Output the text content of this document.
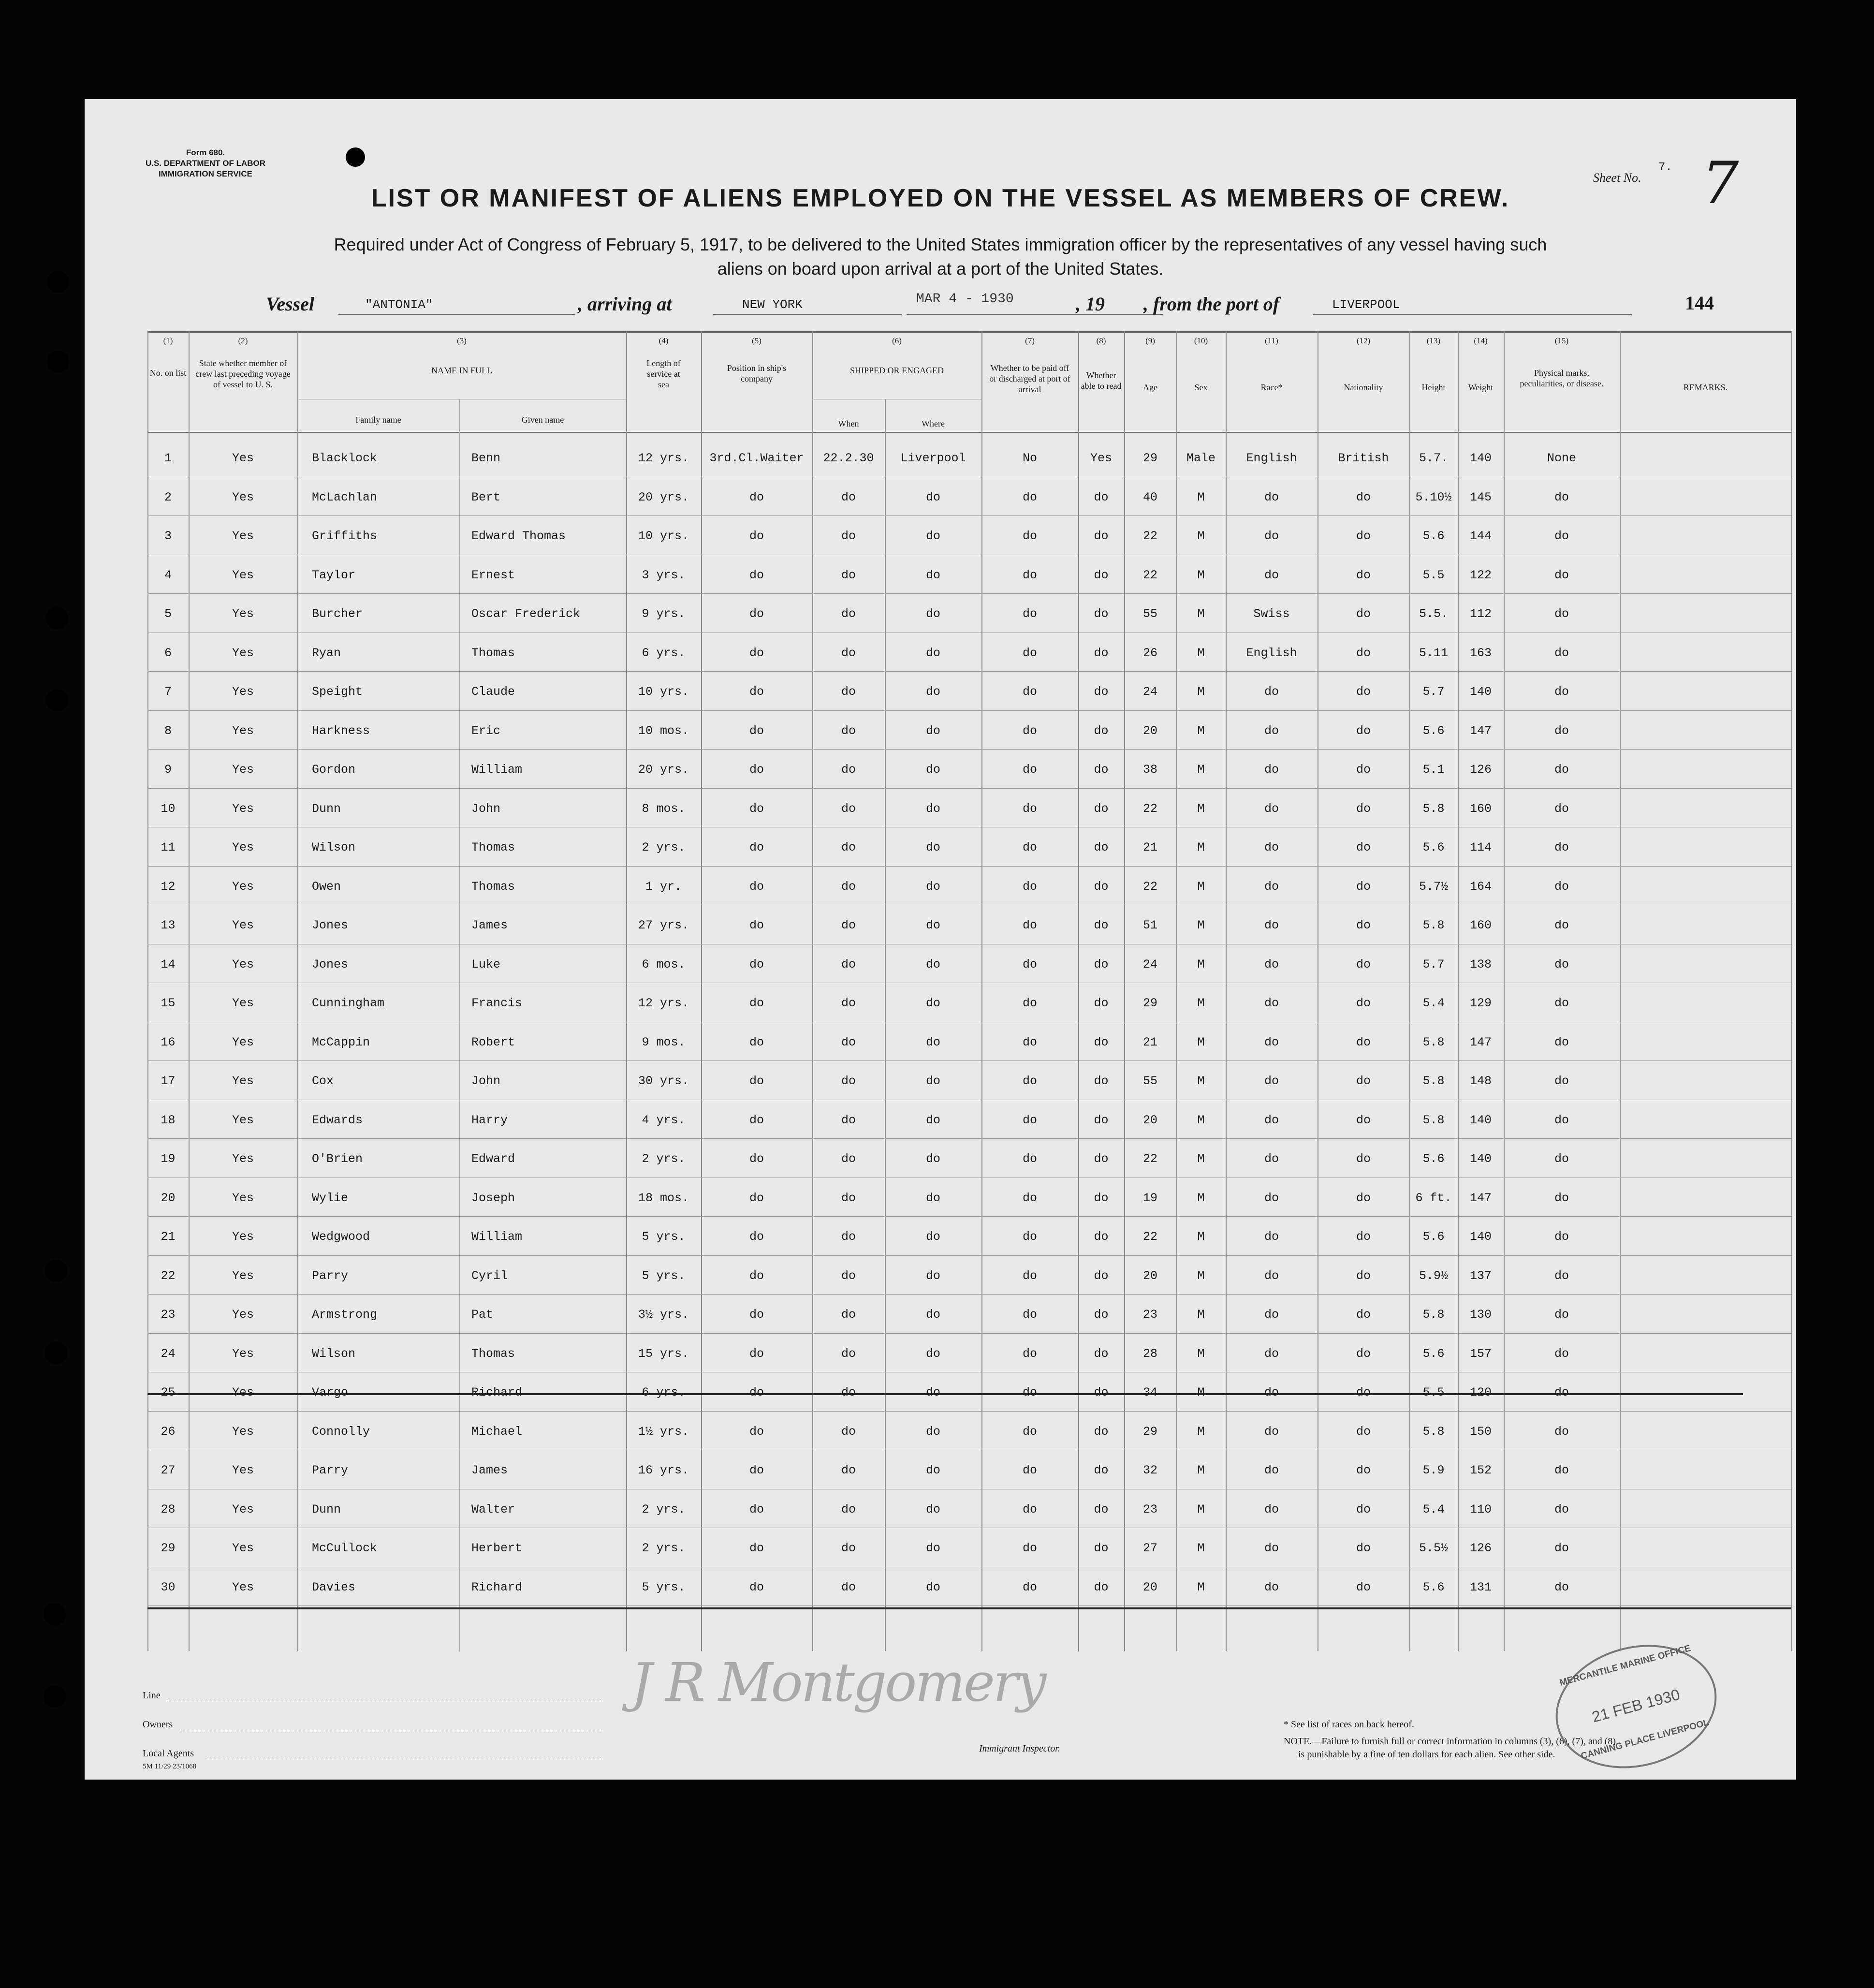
Form 680.
U.S. DEPARTMENT OF LABOR
IMMIGRATION SERVICE	Sheet No.
7. 7
LIST OR MANIFEST OF ALIENS EMPLOYED ON THE VESSEL AS MEMBERS OF CREW.
Required under Act of Congress of February 5, 1917, to be delivered to the United States immigration officer by the representatives of any vessel having such
aliens on board upon arrival at a port of the United States.
Vessel	"ANTONIA"	, arriving at	NEW YORK	MAR 4 - 1930	, 19 , from the port of	LIVERPOOL	144
(1)
No. on list
(2)
State whether member of crew last preceding voyage of vessel to U. S.
(3)
NAME IN FULL
Family name	Given name
(4)
Length of service at sea
(5)
Position in ship's company
(6)
SHIPPED OR ENGAGED
When	Where
(7)
Whether to be paid off or discharged at port of arrival
(8)
Whether able to read
(9)
Age
(10)
Sex
(11)
Race*
(12)
Nationality
(13)
Height
(14)
Weight
(15)
Physical marks, peculiarities, or disease.	REMARKS.
1	Yes	Blacklock	Benn	12 yrs.	3rd.Cl.Waiter	22.2.30	Liverpool	No	Yes	29	Male	English	British	5.7.	140	None
2	Yes	McLachlan	Bert	20 yrs.	do	do	do	do	do	40	M	do	do	5.10½	145	do
3	Yes	Griffiths	Edward Thomas	10 yrs.	do	do	do	do	do	22	M	do	do	5.6	144	do
4	Yes	Taylor	Ernest	3 yrs.	do	do	do	do	do	22	M	do	do	5.5	122	do
5	Yes	Burcher	Oscar Frederick	9 yrs.	do	do	do	do	do	55	M	Swiss	do	5.5.	112	do
6	Yes	Ryan	Thomas	6 yrs.	do	do	do	do	do	26	M	English	do	5.11	163	do
7	Yes	Speight	Claude	10 yrs.	do	do	do	do	do	24	M	do	do	5.7	140	do
8	Yes	Harkness	Eric	10 mos.	do	do	do	do	do	20	M	do	do	5.6	147	do
9	Yes	Gordon	William	20 yrs.	do	do	do	do	do	38	M	do	do	5.1	126	do
10	Yes	Dunn	John	8 mos.	do	do	do	do	do	22	M	do	do	5.8	160	do
11	Yes	Wilson	Thomas	2 yrs.	do	do	do	do	do	21	M	do	do	5.6	114	do
12	Yes	Owen	Thomas	1 yr.	do	do	do	do	do	22	M	do	do	5.7½	164	do
13	Yes	Jones	James	27 yrs.	do	do	do	do	do	51	M	do	do	5.8	160	do
14	Yes	Jones	Luke	6 mos.	do	do	do	do	do	24	M	do	do	5.7	138	do
15	Yes	Cunningham	Francis	12 yrs.	do	do	do	do	do	29	M	do	do	5.4	129	do
16	Yes	McCappin	Robert	9 mos.	do	do	do	do	do	21	M	do	do	5.8	147	do
17	Yes	Cox	John	30 yrs.	do	do	do	do	do	55	M	do	do	5.8	148	do
18	Yes	Edwards	Harry	4 yrs.	do	do	do	do	do	20	M	do	do	5.8	140	do
19	Yes	O'Brien	Edward	2 yrs.	do	do	do	do	do	22	M	do	do	5.6	140	do
20	Yes	Wylie	Joseph	18 mos.	do	do	do	do	do	19	M	do	do	6 ft.	147	do
21	Yes	Wedgwood	William	5 yrs.	do	do	do	do	do	22	M	do	do	5.6	140	do
22	Yes	Parry	Cyril	5 yrs.	do	do	do	do	do	20	M	do	do	5.9½	137	do
23	Yes	Armstrong	Pat	3½ yrs.	do	do	do	do	do	23	M	do	do	5.8	130	do
24	Yes	Wilson	Thomas	15 yrs.	do	do	do	do	do	28	M	do	do	5.6	157	do
25	Yes	Vargo	Richard	6 yrs.	do	do	do	do	do	34	M	do	do	5.5	120	do
26	Yes	Connolly	Michael	1½ yrs.	do	do	do	do	do	29	M	do	do	5.8	150	do
27	Yes	Parry	James	16 yrs.	do	do	do	do	do	32	M	do	do	5.9	152	do
28	Yes	Dunn	Walter	2 yrs.	do	do	do	do	do	23	M	do	do	5.4	110	do
29	Yes	McCullock	Herbert	2 yrs.	do	do	do	do	do	27	M	do	do	5.5½	126	do
30	Yes	Davies	Richard	5 yrs.	do	do	do	do	do	20	M	do	do	5.6	131	do
Line
Owners
Local Agents
5M 11/29 23/1068
J R Montgomery
Immigrant Inspector.
* See list of races on back hereof.
NOTE.—Failure to furnish full or correct information in columns (3), (6), (7), and (8)
is punishable by a fine of ten dollars for each alien. See other side.
MERCANTILE MARINE OFFICE
21 FEB 1930
CANNING PLACE LIVERPOOL
